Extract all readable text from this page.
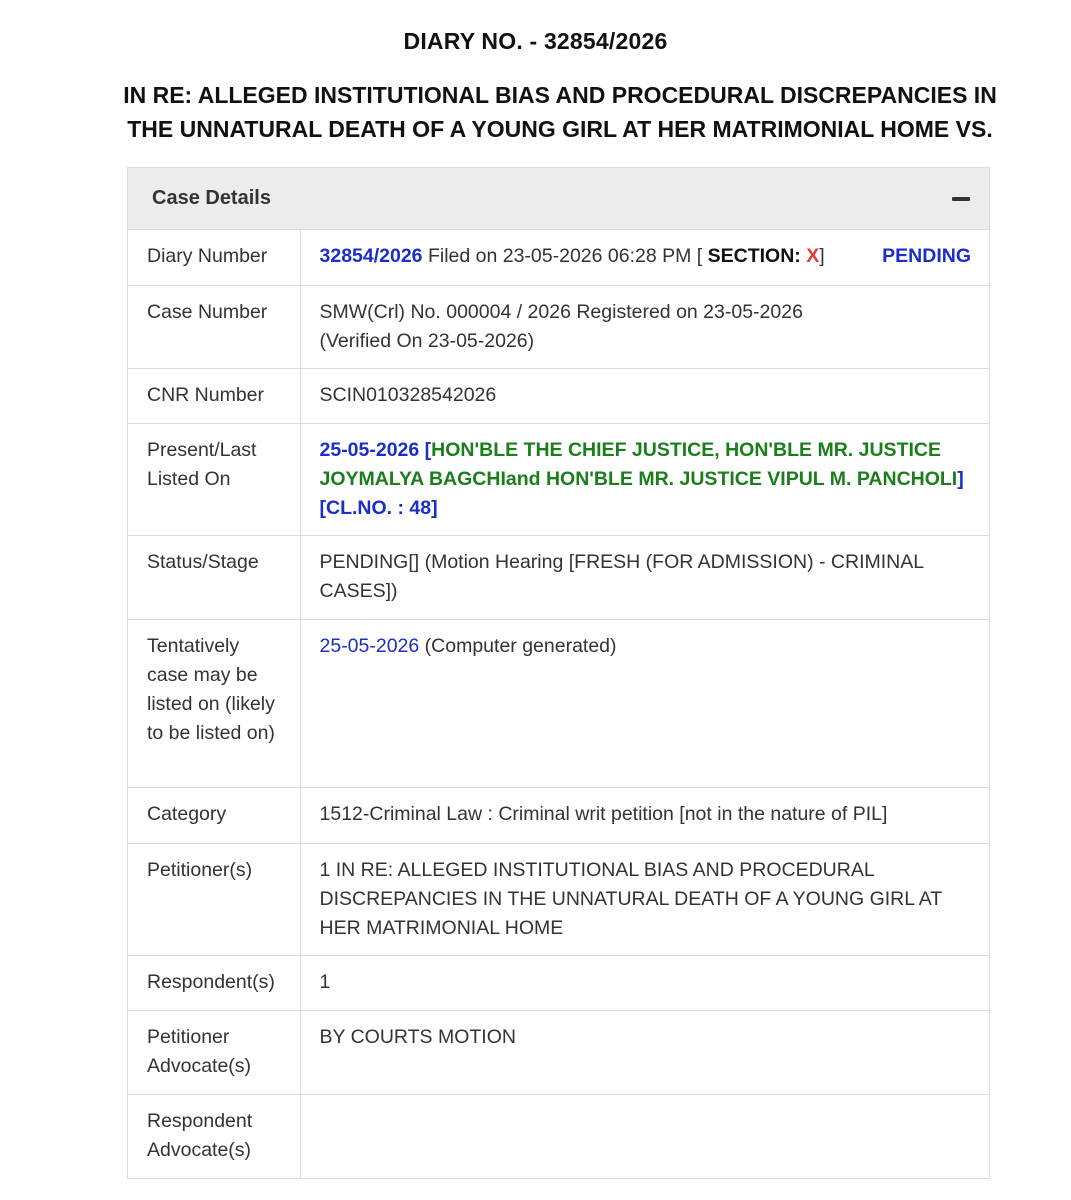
DIARY NO. - 32854/2026
IN RE: ALLEGED INSTITUTIONAL BIAS AND PROCEDURAL DISCREPANCIES IN THE UNNATURAL DEATH OF A YOUNG GIRL AT HER MATRIMONIAL HOME VS.
Case Details
Diary Number	32854/2026 Filed on 23-05-2026 06:28 PM [ SECTION: X] PENDING

Case Number	SMW(Crl) No. 000004 / 2026 Registered on 23-05-2026
(Verified On 23-05-2026)

CNR Number	SCIN010328542026
Present/Last Listed On	25-05-2026 [HON'BLE THE CHIEF JUSTICE, HON'BLE MR. JUSTICE JOYMALYA BAGCHIand HON'BLE MR. JUSTICE VIPUL M. PANCHOLI] [CL.NO. : 48]
Status/Stage	PENDING[] (Motion Hearing [FRESH (FOR ADMISSION) - CRIMINAL CASES])
Tentatively case may be listed on (likely to be listed on)	25-05-2026 (Computer generated)
Category	1512-Criminal Law : Criminal writ petition [not in the nature of PIL]
Petitioner(s)	1 IN RE: ALLEGED INSTITUTIONAL BIAS AND PROCEDURAL DISCREPANCIES IN THE UNNATURAL DEATH OF A YOUNG GIRL AT HER MATRIMONIAL HOME
Respondent(s)	1
Petitioner Advocate(s)	BY COURTS MOTION
Respondent Advocate(s)	
